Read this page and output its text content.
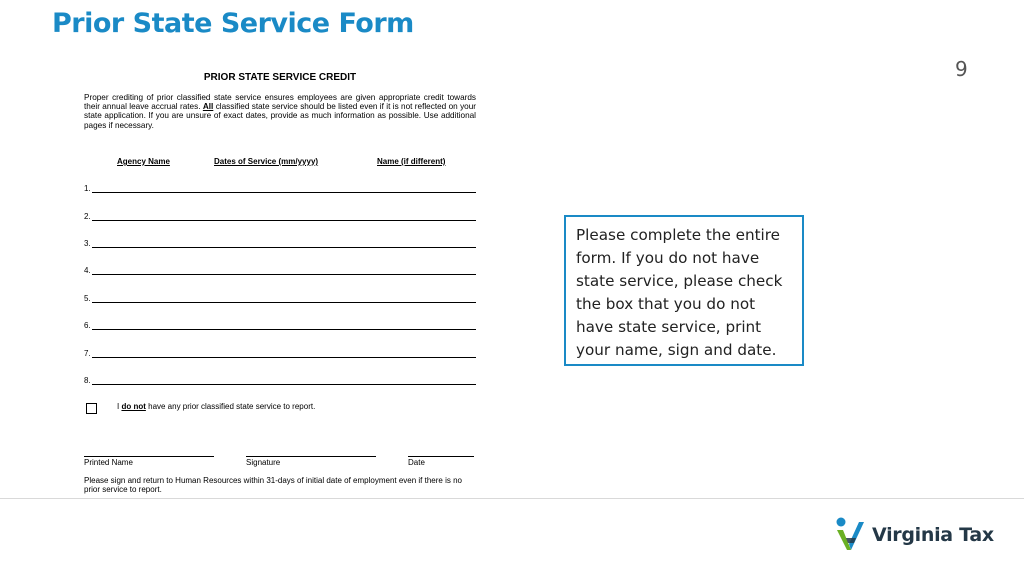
Prior State Service Form
9
PRIOR STATE SERVICE CREDIT
Proper crediting of prior classified state service ensures employees are given appropriate credit towards their annual leave accrual rates. All classified state service should be listed even if it is not reflected on your state application. If you are unsure of exact dates, provide as much information as possible. Use additional pages if necessary.
Agency Name	Dates of Service (mm/yyyy)	Name (if different)
1.
2.
3.
4.
5.
6.
7.
8.
I do not have any prior classified state service to report.
Printed Name	Signature	Date
Please sign and return to Human Resources within 31-days of initial date of employment even if there is no prior service to report.
Please complete the entire form. If you do not have state service, please check the box that you do not have state service, print your name, sign and date.
Virginia Tax
